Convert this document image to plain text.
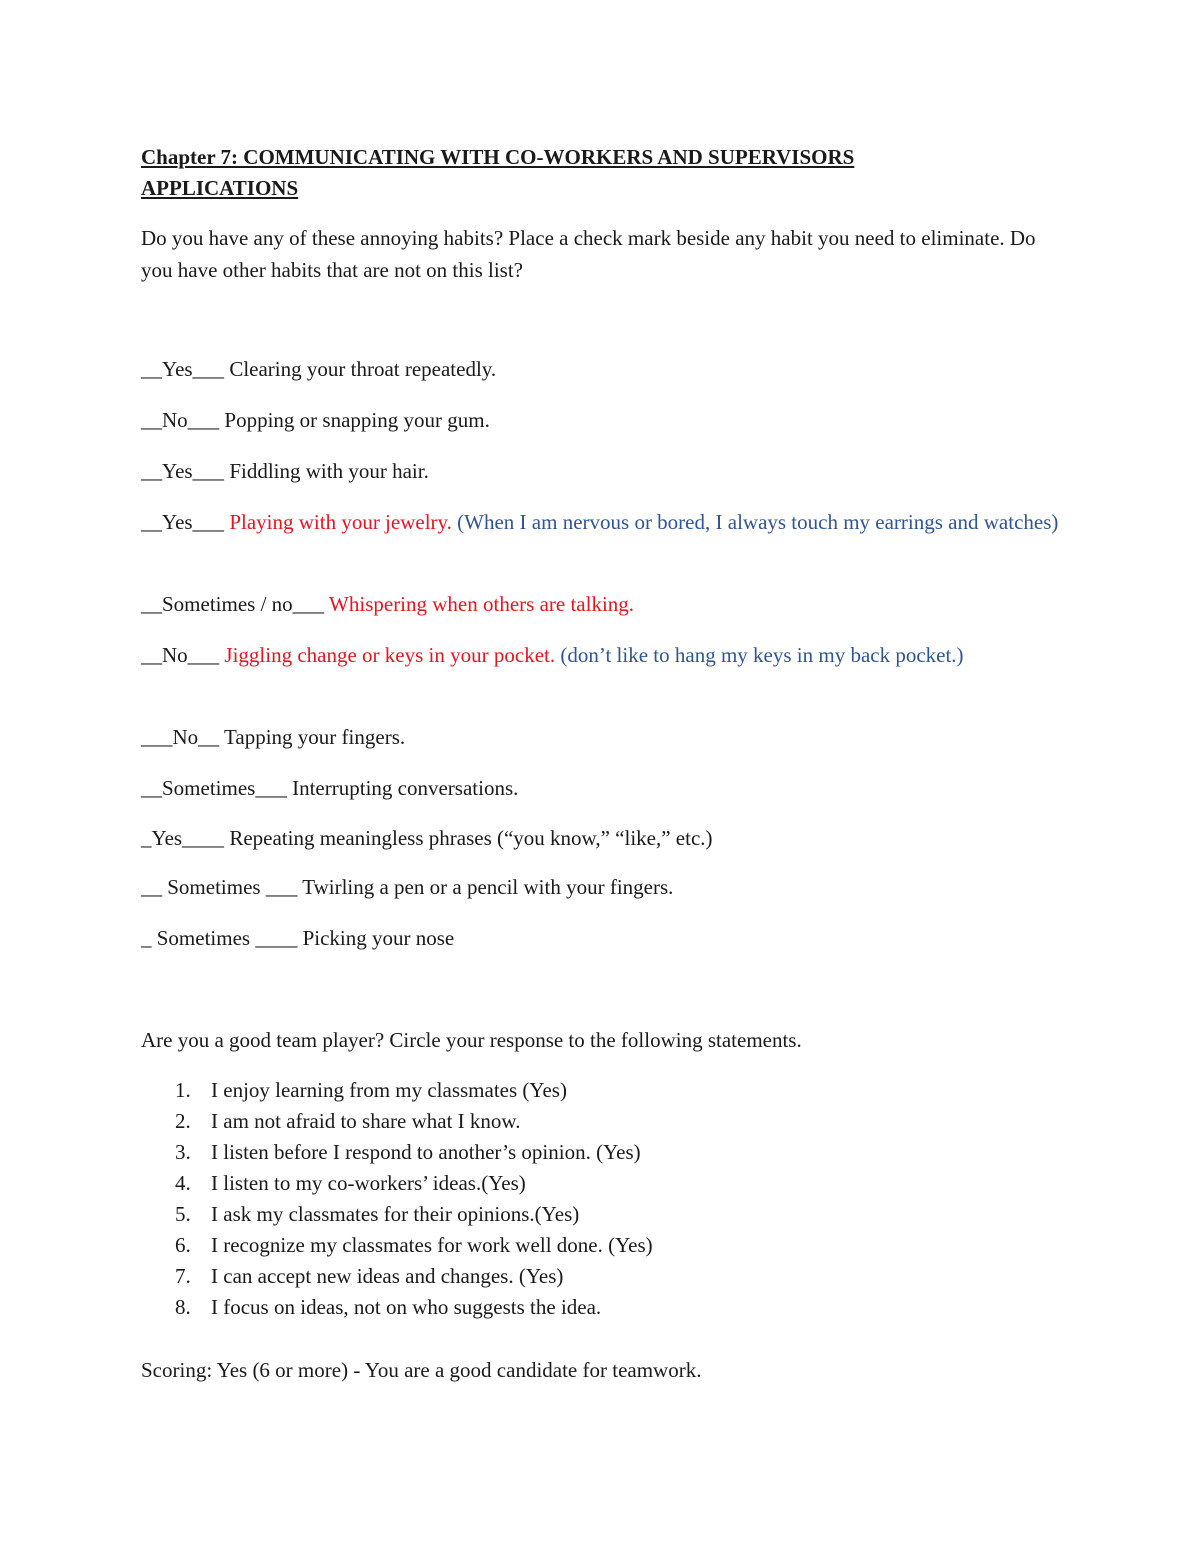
Chapter 7: COMMUNICATING WITH CO-WORKERS AND SUPERVISORS
APPLICATIONS
Do you have any of these annoying habits? Place a check mark beside any habit you need to eliminate. Do you have other habits that are not on this list?
__Yes___ Clearing your throat repeatedly.
__No___ Popping or snapping your gum.
__Yes___ Fiddling with your hair.
__Yes___ Playing with your jewelry. (When I am nervous or bored, I always touch my earrings and watches)
__Sometimes / no___ Whispering when others are talking.
__No___ Jiggling change or keys in your pocket. (don’t like to hang my keys in my back pocket.)
___No__ Tapping your fingers.
__Sometimes___ Interrupting conversations.
_Yes____ Repeating meaningless phrases (“you know,” “like,” etc.)
__ Sometimes ___ Twirling a pen or a pencil with your fingers.
_ Sometimes ____ Picking your nose
Are you a good team player? Circle your response to the following statements.
1. I enjoy learning from my classmates (Yes)
2. I am not afraid to share what I know.
3. I listen before I respond to another’s opinion. (Yes)
4. I listen to my co-workers’ ideas.(Yes)
5. I ask my classmates for their opinions.(Yes)
6. I recognize my classmates for work well done. (Yes)
7. I can accept new ideas and changes. (Yes)
8. I focus on ideas, not on who suggests the idea.
Scoring: Yes (6 or more) - You are a good candidate for teamwork.
